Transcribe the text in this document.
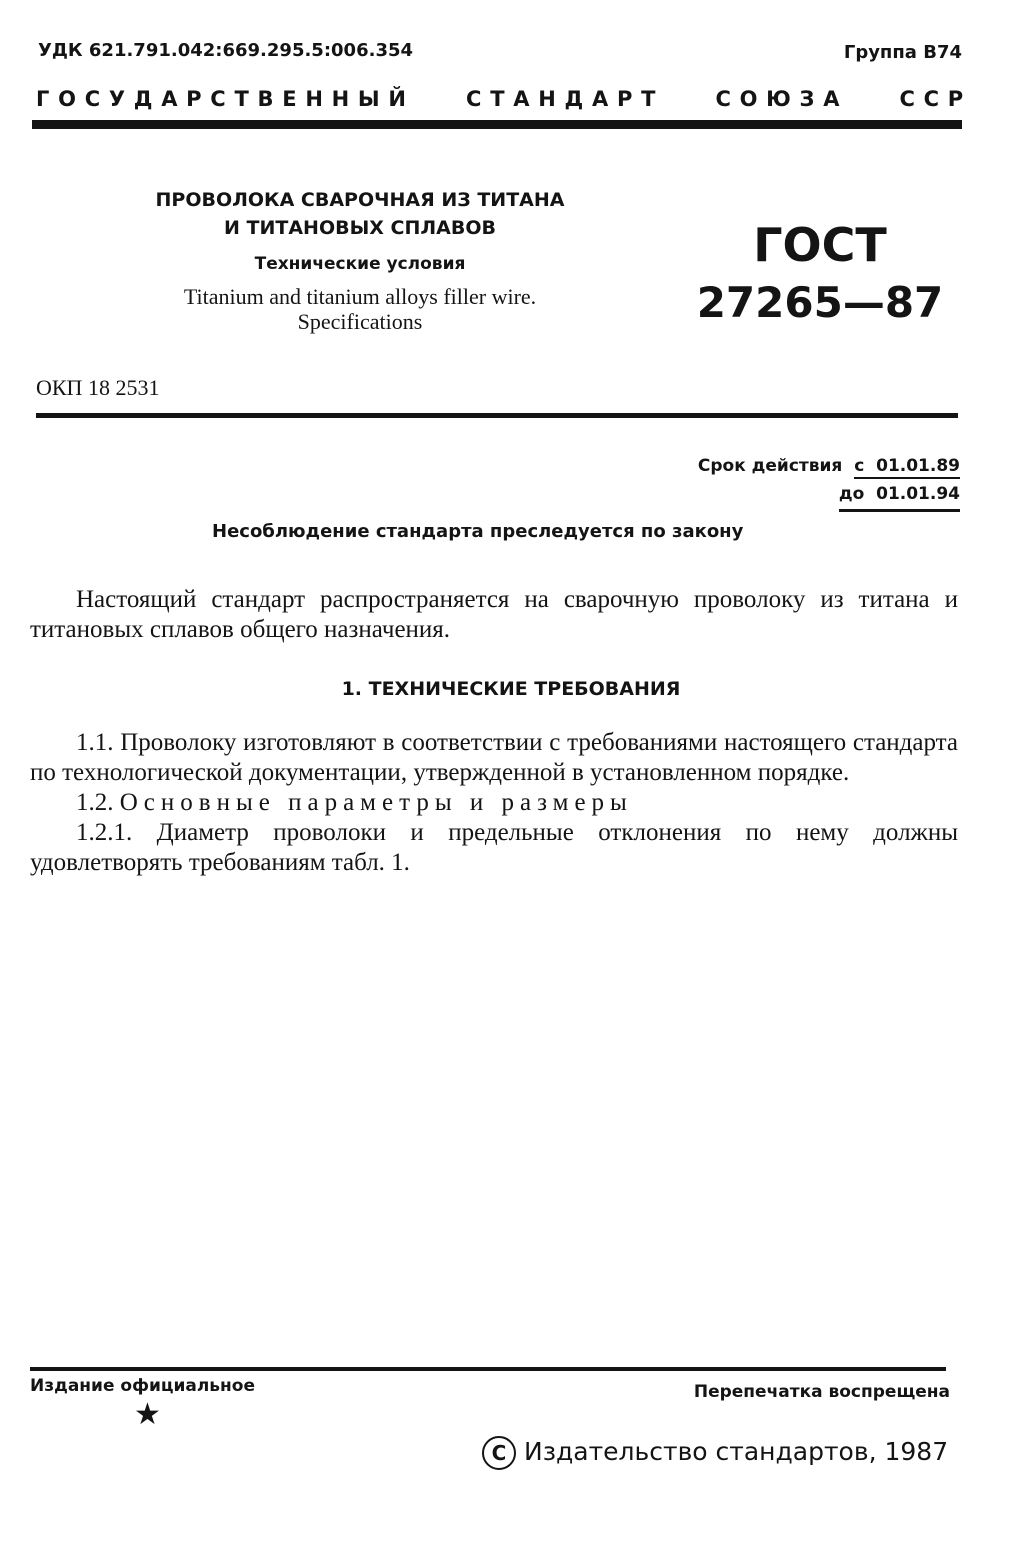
УДК 621.791.042:669.295.5:006.354	Группа В74
ГОСУДАРСТВЕННЫЙ СТАНДАРТ СОЮЗА ССР
ПРОВОЛОКА СВАРОЧНАЯ ИЗ ТИТАНА
И ТИТАНОВЫХ СПЛАВОВ
Технические условия
Titanium and titanium alloys filler wire.
Specifications
ГОСТ
27265—87
ОКП 18 2531
Срок действия с 01.01.89
до 01.01.94
Несоблюдение стандарта преследуется по закону
Настоящий стандарт распространяется на сварочную проволоку из титана и титановых сплавов общего назначения.
1. ТЕХНИЧЕСКИЕ ТРЕБОВАНИЯ
1.1. Проволоку изготовляют в соответствии с требованиями настоящего стандарта по технологической документации, утвержденной в установленном порядке.
1.2. Основные параметры и размеры
1.2.1. Диаметр проволоки и предельные отклонения по нему должны удовлетворять требованиям табл. 1.
Издание официальное
★
Перепечатка воспрещена
C Издательство стандартов, 1987
